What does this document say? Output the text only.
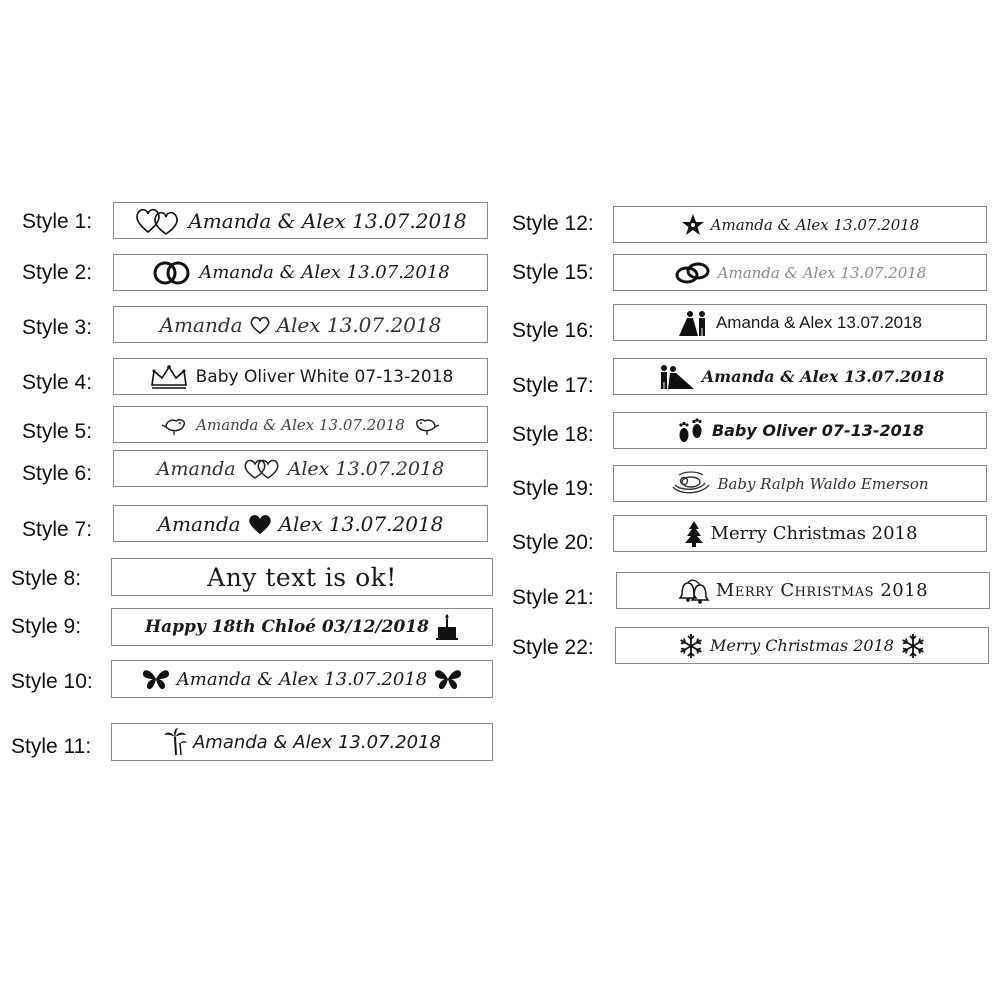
Style 1:	Amanda & Alex 13.07.2018
Style 2:	Amanda & Alex 13.07.2018
Style 3:	Amanda Alex 13.07.2018
Style 4:	Baby Oliver White 07-13-2018
Style 5:	Amanda & Alex 13.07.2018
Style 6:	Amanda	Alex 13.07.2018
Style 7:	Amanda Alex 13.07.2018
Style 8:	Any text is ok!
Style 9:	Happy 18th Chloé 03/12/2018
Style 10:	Amanda & Alex 13.07.2018
Style 11:	Amanda & Alex 13.07.2018
Style 12:	Amanda & Alex 13.07.2018
Style 15:	Amanda & Alex 13.07.2018
Style 16:	Amanda & Alex 13.07.2018
Style 17:	Amanda & Alex 13.07.2018
Style 18:	Baby Oliver 07-13-2018
Style 19:	Baby Ralph Waldo Emerson
Style 20:	Merry Christmas 2018
Style 21:	Merry Christmas 2018
Style 22:	Merry Christmas 2018
